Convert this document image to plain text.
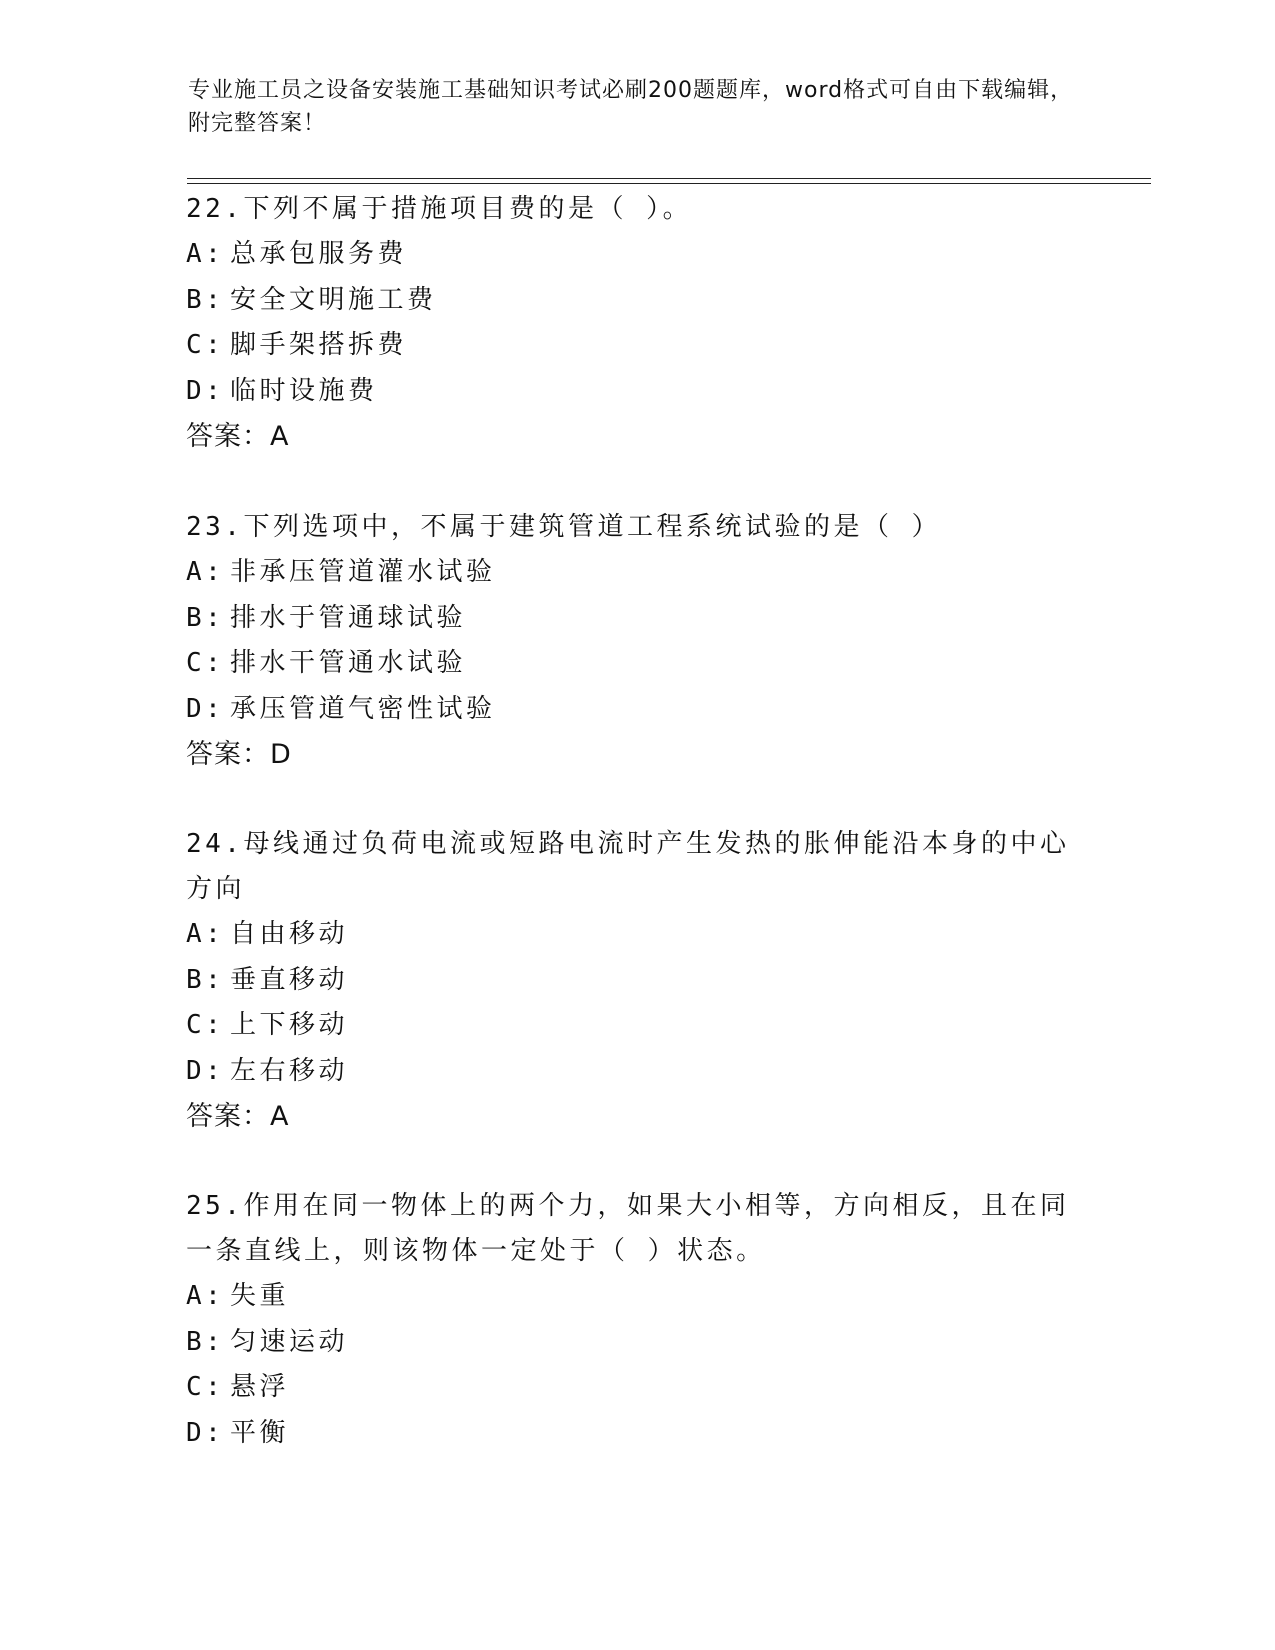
专业施工员之设备安装施工基础知识考试必刷200题题库，word格式可自由下载编辑，附完整答案！
22.下列不属于措施项目费的是（ ）。
A: 总承包服务费
B: 安全文明施工费
C: 脚手架搭拆费
D: 临时设施费
答案：A
23.下列选项中，不属于建筑管道工程系统试验的是（ ）
A: 非承压管道灌水试验
B: 排水于管通球试验
C: 排水干管通水试验
D: 承压管道气密性试验
答案：D
24.母线通过负荷电流或短路电流时产生发热的胀伸能沿本身的中心方向
A: 自由移动
B: 垂直移动
C: 上下移动
D: 左右移动
答案：A
25.作用在同一物体上的两个力，如果大小相等，方向相反，且在同一条直线上，则该物体一定处于（ ）状态。
A: 失重
B: 匀速运动
C: 悬浮
D: 平衡
